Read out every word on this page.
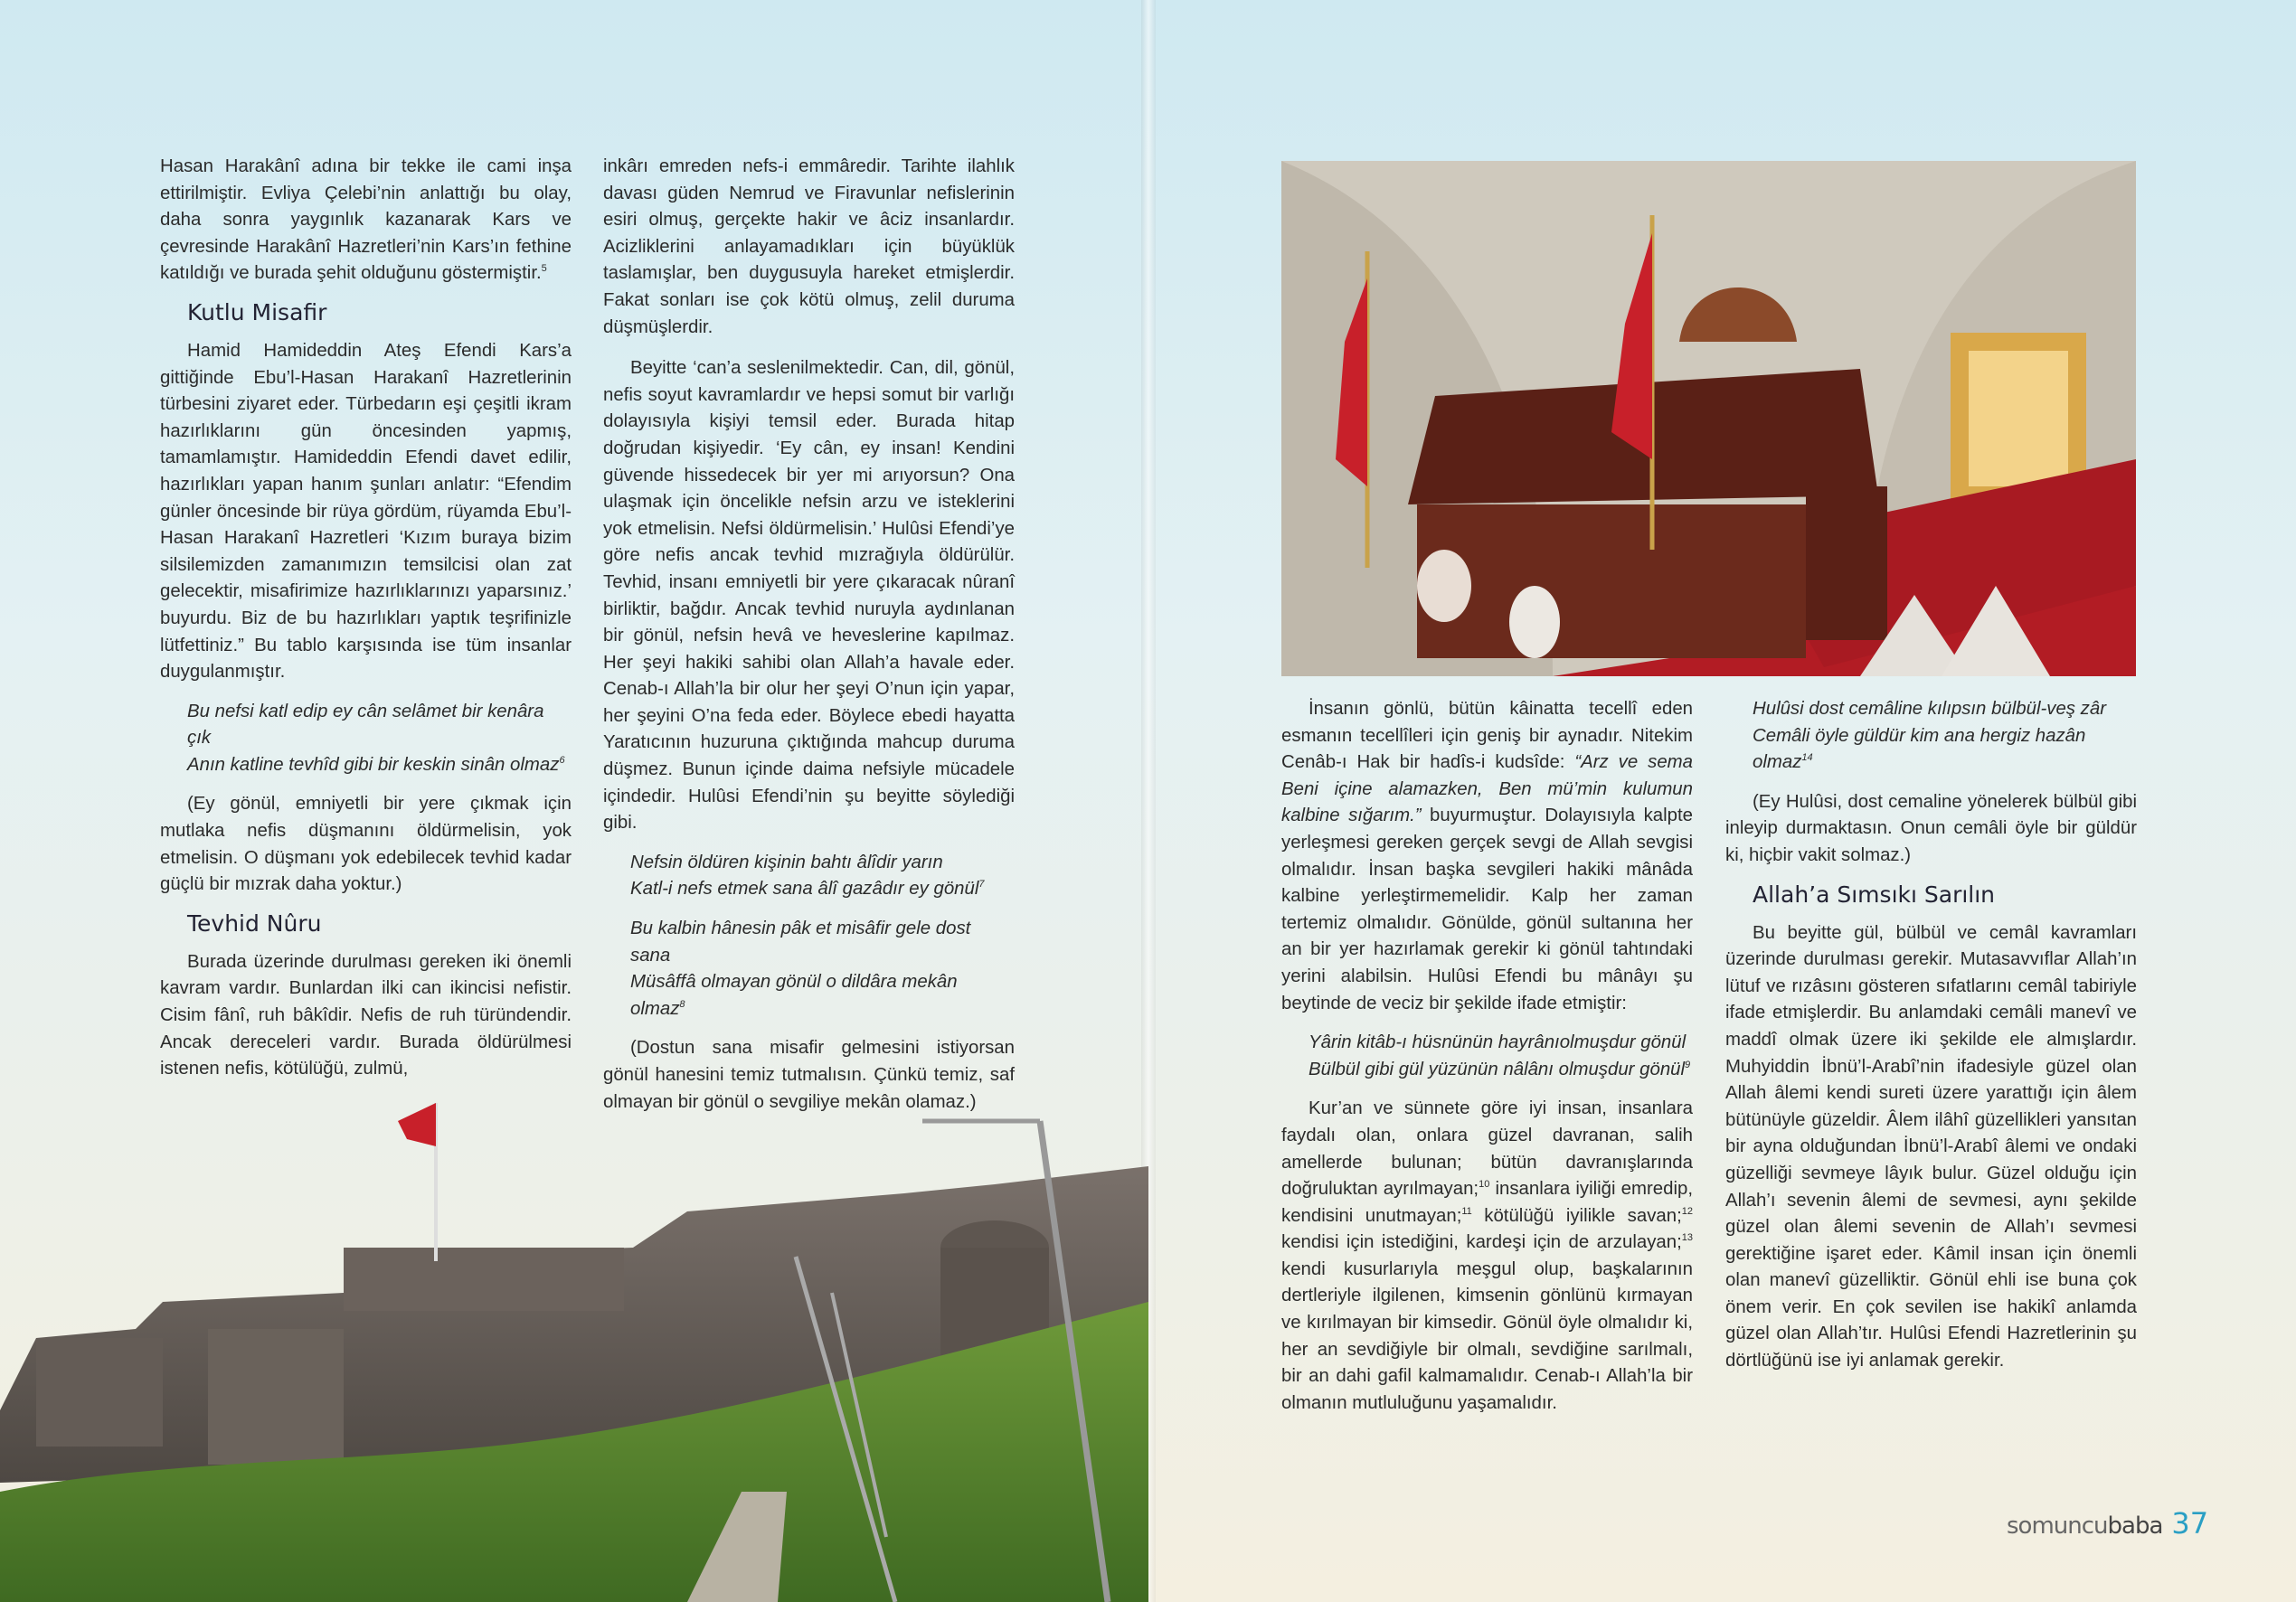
Hasan Harakânî adına bir tekke ile cami inşa ettirilmiştir. Evliya Çelebi’nin anlattığı bu olay, daha sonra yaygınlık kazanarak Kars ve çevresinde Harakânî Hazretleri’nin Kars’ın fethine katıldığı ve burada şehit olduğunu göstermiştir.$^5$

Kutlu Misafir

Hamid Hamideddin Ateş Efendi Kars’a gittiğinde Ebu’l-Hasan Harakanî Hazretlerinin türbesini ziyaret eder. Türbedarın eşi çeşitli ikram hazırlıklarını gün öncesinden yapmış, tamamlamıştır. Hamideddin Efendi davet edilir, hazırlıkları yapan hanım şunları anlatır: “Efendim günler öncesinde bir rüya gördüm, rüyamda Ebu’l-Hasan Harakanî Hazretleri ‘Kızım buraya bizim silsilemizden zamanımızın temsilcisi olan zat gelecektir, misafirimize hazırlıklarınızı yaparsınız.’ buyurdu. Biz de bu hazırlıkları yaptık teşrifinizle lütfettiniz.” Bu tablo karşısında ise tüm insanlar duygulanmıştır.

Bu nefsi katl edip ey cân selâmet bir kenâra çık
Anın katline tevhîd gibi bir keskin sinân olmaz$^6$

(Ey gönül, emniyetli bir yere çıkmak için mutlaka nefis düşmanını öldürmelisin, yok etmelisin. O düşmanı yok edebilecek tevhid kadar güçlü bir mızrak daha yoktur.)

Tevhid Nûru

Burada üzerinde durulması gereken iki önemli kavram vardır. Bunlardan ilki can ikincisi nefistir. Cisim fânî, ruh bâkîdir. Nefis de ruh türündendir. Ancak dereceleri vardır. Burada öldürülmesi istenen nefis, kötülüğü, zulmü,

inkârı emreden nefs-i emmâredir. Tarihte ilahlık davası güden Nemrud ve Firavunlar nefislerinin esiri olmuş, gerçekte hakir ve âciz insanlardır. Acizliklerini anlayamadıkları için büyüklük taslamışlar, ben duygusuyla hareket etmişlerdir. Fakat sonları ise çok kötü olmuş, zelil duruma düşmüşlerdir.

Beyitte ‘can’a seslenilmektedir. Can, dil, gönül, nefis soyut kavramlardır ve hepsi somut bir varlığı dolayısıyla kişiyi temsil eder. Burada hitap doğrudan kişiyedir. ‘Ey cân, ey insan! Kendini güvende hissedecek bir yer mi arıyorsun? Ona ulaşmak için öncelikle nefsin arzu ve isteklerini yok etmelisin. Nefsi öldürmelisin.’ Hulûsi Efendi’ye göre nefis ancak tevhid mızrağıyla öldürülür. Tevhid, insanı emniyetli bir yere çıkaracak nûranî birliktir, bağdır. Ancak tevhid nuruyla aydınlanan bir gönül, nefsin hevâ ve heveslerine kapılmaz. Her şeyi hakiki sahibi olan Allah’a havale eder. Cenab-ı Allah’la bir olur her şeyi O’nun için yapar, her şeyini O’na feda eder. Böylece ebedi hayatta Yaratıcının huzuruna çıktığında mahcup duruma düşmez. Bunun içinde daima nefsiyle mücadele içindedir. Hulûsi Efendi’nin şu beyitte söylediği gibi.

Nefsin öldüren kişinin bahtı âlîdir yarın
Katl-i nefs etmek sana âlî gazâdır ey gönül$^7$

Bu kalbin hânesin pâk et misâfir gele dost sana
Müsâffâ olmayan gönül o dildâra mekân olmaz$^8$

(Dostun sana misafir gelmesini istiyorsan gönül hanesini temiz tutmalısın. Çünkü temiz, saf olmayan bir gönül o sevgiliye mekân olamaz.)

İnsanın gönlü, bütün kâinatta tecellî eden esmanın tecellîleri için geniş bir aynadır. Nitekim Cenâb-ı Hak bir hadîs-i kudsîde: “Arz ve sema Beni içine alamazken, Ben mü’min kulumun kalbine sığarım.” buyurmuştur. Dolayısıyla kalpte yerleşmesi gereken gerçek sevgi de Allah sevgisi olmalıdır. İnsan başka sevgileri hakiki mânâda kalbine yerleştirmemelidir. Kalp her zaman tertemiz olmalıdır. Gönülde, gönül sultanına her an bir yer hazırlamak gerekir ki gönül tahtındaki yerini alabilsin. Hulûsi Efendi bu mânâyı şu beytinde de veciz bir şekilde ifade etmiştir:

Yârin kitâb-ı hüsnünün hayrânıolmuşdur gönül
Bülbül gibi gül yüzünün nâlânı olmuşdur gönül$^9$

Kur’an ve sünnete göre iyi insan, insanlara faydalı olan, onlara güzel davranan, salih amellerde bulunan; bütün davranışlarında doğruluktan ayrılmayan;$^{10}$ insanlara iyiliği emredip, kendisini unutmayan;$^{11}$ kötülüğü iyilikle savan;$^{12}$ kendisi için istediğini, kardeşi için de arzulayan;$^{13}$ kendi kusurlarıyla meşgul olup, başkalarının dertleriyle ilgilenen, kimsenin gönlünü kırmayan ve kırılmayan bir kimsedir. Gönül öyle olmalıdır ki, her an sevdiğiyle bir olmalı, sevdiğine sarılmalı, bir an dahi gafil kalmamalıdır. Cenab-ı Allah’la bir olmanın mutluluğunu yaşamalıdır.

Hulûsi dost cemâline kılıpsın bülbül-veş zâr
Cemâli öyle güldür kim ana hergiz hazân olmaz$^{14}$

(Ey Hulûsi, dost cemaline yönelerek bülbül gibi inleyip durmaktasın. Onun cemâli öyle bir güldür ki, hiçbir vakit solmaz.)

Allah’a Sımsıkı Sarılın

Bu beyitte gül, bülbül ve cemâl kavramları üzerinde durulması gerekir. Mutasavvıflar Allah’ın lütuf ve rızâsını gösteren sıfatlarını cemâl tabiriyle ifade etmişlerdir. Bu anlamdaki cemâli manevî ve maddî olmak üzere iki şekilde ele almışlardır. Muhyiddin İbnü’l-Arabî’nin ifadesiyle güzel olan Allah âlemi kendi sureti üzere yarattığı için âlem bütünüyle güzeldir. Âlem ilâhî güzellikleri yansıtan bir ayna olduğundan İbnü’l-Arabî âlemi ve ondaki güzelliği sevmeye lâyık bulur. Güzel olduğu için Allah’ı sevenin âlemi de sevmesi, aynı şekilde güzel olan âlemi sevenin de Allah’ı sevmesi gerektiğine işaret eder. Kâmil insan için önemli olan manevî güzelliktir. Gönül ehli ise buna çok önem verir. En çok sevilen ise hakikî anlamda güzel olan Allah’tır. Hulûsi Efendi Hazretlerinin şu dörtlüğünü ise iyi anlamak gerekir.

somuncubaba 37
